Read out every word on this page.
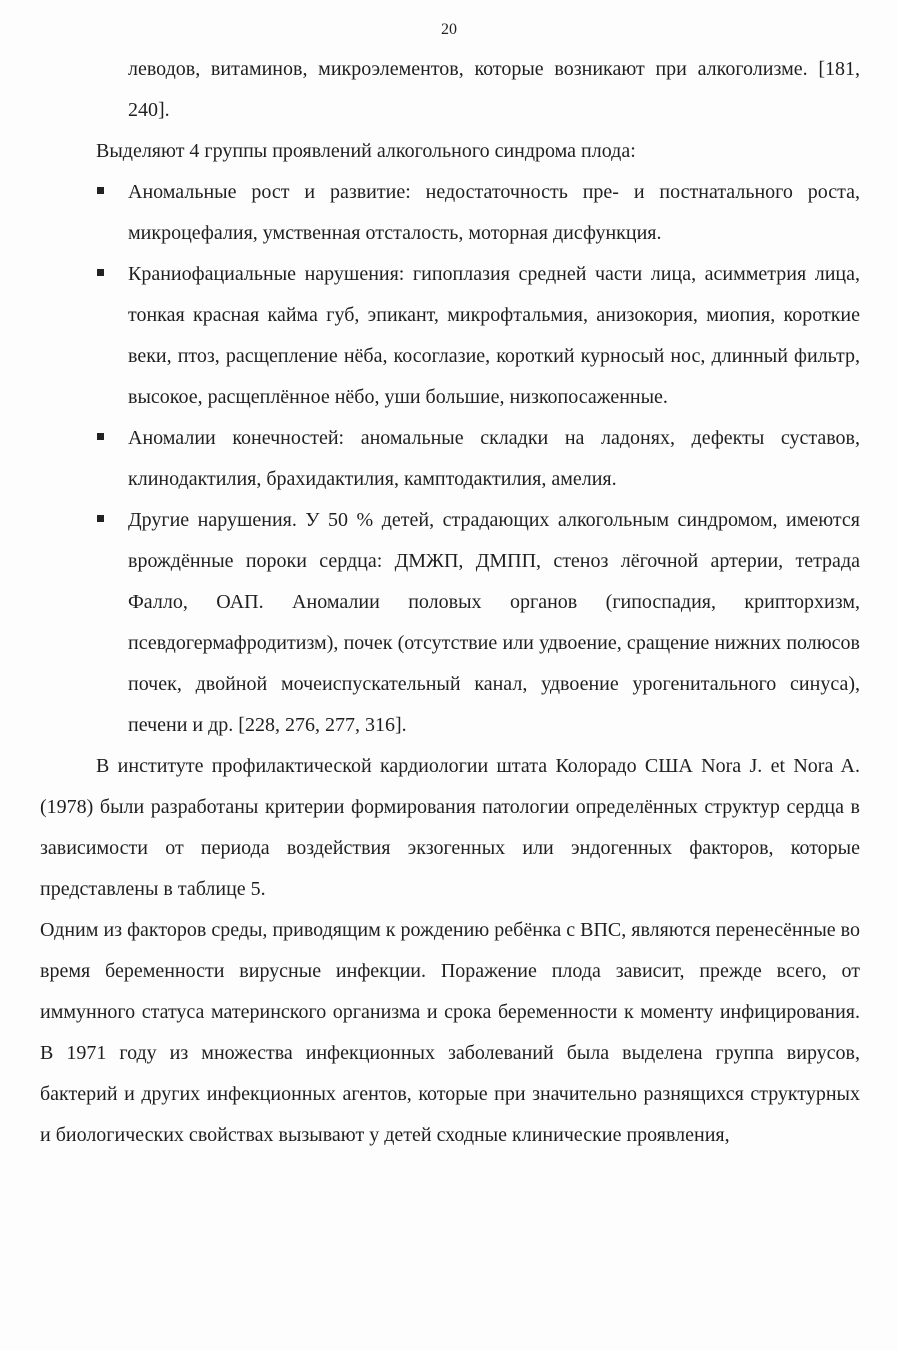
20

леводов, витаминов, микроэлементов, которые возникают при алкоголизме. [181, 240].

Выделяют 4 группы проявлений алкогольного синдрома плода:

Аномальные рост и развитие: недостаточность пре- и постнатального роста, микроцефалия, умственная отсталость, моторная дисфункция.

Краниофациальные нарушения: гипоплазия средней части лица, асимметрия лица, тонкая красная кайма губ, эпикант, микрофтальмия, анизокория, миопия, короткие веки, птоз, расщепление нёба, косоглазие, короткий курносый нос, длинный фильтр, высокое, расщеплённое нёбо, уши большие, низкопосаженные.

Аномалии конечностей: аномальные складки на ладонях, дефекты суставов, клинодактилия, брахидактилия, камптодактилия, амелия.

Другие нарушения. У 50 % детей, страдающих алкогольным синдромом, имеются врождённые пороки сердца: ДМЖП, ДМПП, стеноз лёгочной артерии, тетрада Фалло, ОАП. Аномалии половых органов (гипоспадия, крипторхизм, псевдогермафродитизм), почек (отсутствие или удвоение, сращение нижних полюсов почек, двойной мочеиспускательный канал, удвоение урогенитального синуса), печени и др. [228, 276, 277, 316].

В институте профилактической кардиологии штата Колорадо США Nora J. et Nora A. (1978) были разработаны критерии формирования патологии определённых структур сердца в зависимости от периода воздействия экзогенных или эндогенных факторов, которые представлены в таблице 5.

Одним из факторов среды, приводящим к рождению ребёнка с ВПС, являются перенесённые во время беременности вирусные инфекции. Поражение плода зависит, прежде всего, от иммунного статуса материнского организма и срока беременности к моменту инфицирования. В 1971 году из множества инфекционных заболеваний была выделена группа вирусов, бактерий и других инфекционных агентов, которые при значительно разнящихся структурных и биологических свойствах вызывают у детей сходные клинические проявления,
